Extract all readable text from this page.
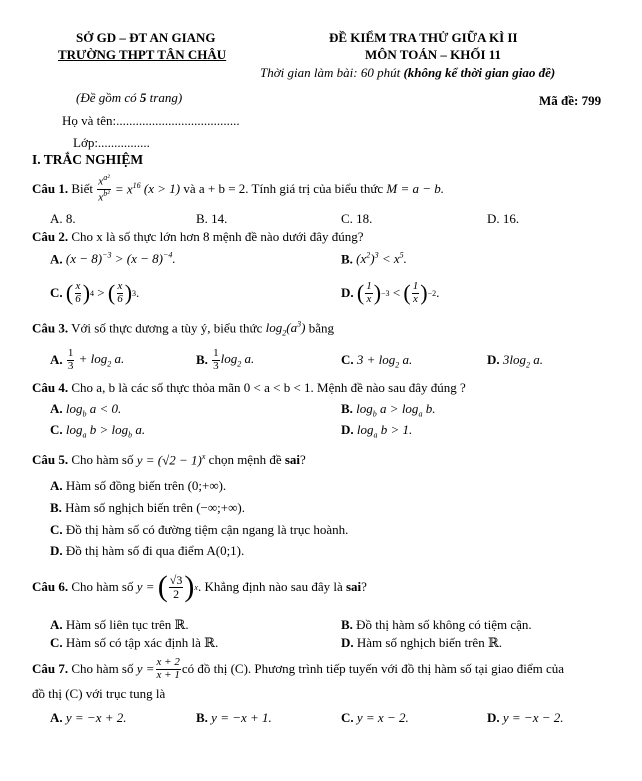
SỞ GD – ĐT AN GIANG
TRƯỜNG THPT TÂN CHÂU
ĐỀ KIỂM TRA THỬ GIỮA KÌ II
MÔN TOÁN – KHỐI 11
Thời gian làm bài: 60 phút (không kể thời gian giao đề)
(Đề gồm có 5 trang)	Mã đề: 799
Họ và tên:......................................
Lớp:................
I. TRẮC NGHIỆM
Câu 1.
Biết
$\frac{x^{a^2}}{x^{b^2}} = x^{16}$ (x > 1)
và a + b = 2. Tính giá trị của biểu thức
M = a − b.
A. 8.	B. 14.	C. 18.	D. 16.
Câu 2. Cho x là số thực lớn hơn 8 mệnh đề nào dưới đây đúng?
A. $(x - 8)^{-3} > (x - 8)^{-4}$.	B. $(x^2)^3 < x^5$.
C.
( $\frac{x}{6}$ ) 4 > ( $\frac{x}{6}$ ) 3 .	D.
( $\frac{1}{x}$ ) −3 < ( $\frac{1}{x}$ ) −2 .
Câu 3. Với số thực dương a tùy ý, biểu thức $\log_2(a^3)$ bằng
A.
$\frac{1}{3} + \log_2 a$.	B.
$\frac{1}{3} \log_2 a$.	C. $3 + \log_2 a$.	D. $3\log_2$ a.
Câu 4. Cho a, b là các số thực thỏa mãn 0 < a < b < 1. Mệnh đề nào sau đây đúng ?
A. $\log_b a < 0$.	B. $\log_b a > \log_a b$.
C. $\log_a b > \log_b a$.	D. $\log_a b > 1$.
Câu 5.
Cho hàm số
$y = (√2 - 1)^x$
chọn mệnh đề
sai ?
A. Hàm số đồng biến trên (0;+∞).
B. Hàm số nghịch biến trên (−∞;+∞).
C. Đồ thị hàm số có đường tiệm cận ngang là trục hoành.
D. Đồ thị hàm số đi qua điểm A(0;1).
Câu 6.
Cho hàm số
y =
( $\frac{√3}{2}$ ) x . Khẳng định nào sau đây là
sai ?
A. Hàm số liên tục trên ℝ.	B. Đồ thị hàm số không có tiệm cận.
C. Hàm số có tập xác định là ℝ.	D. Hàm số nghịch biến trên ℝ.
Câu 7.
Cho hàm số
$y = \frac{x + 2}{x + 1}$ có đồ thị (C). Phương trình tiếp tuyến với đồ thị hàm số tại giao điểm của
đồ thị (C) với trục tung là
A. y = −x + 2.	B. y = −x + 1.	C. y = x − 2.	D. y = −x − 2.
